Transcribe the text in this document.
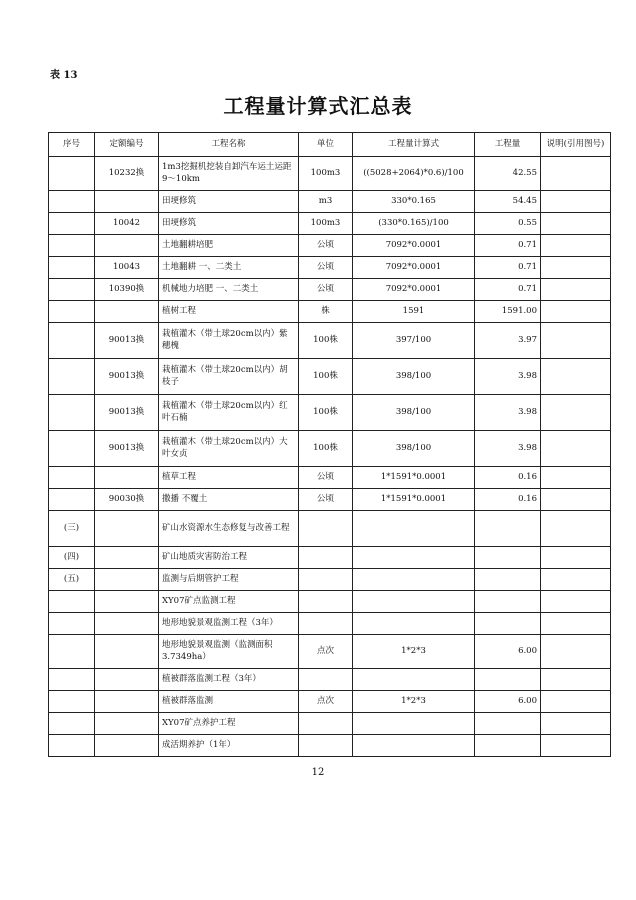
表 13
工程量计算式汇总表
序号	定额编号	工程名称	单位	工程量计算式	工程量	说明(引用图号)
	10232换	1m3挖掘机挖装自卸汽车运土运距9～10km	100m3	((5028+2064)*0.6)/100	42.55	
		田埂修筑	m3	330*0.165	54.45	
	10042	田埂修筑	100m3	(330*0.165)/100	0.55	
		土地翻耕培肥	公顷	7092*0.0001	0.71	
	10043	土地翻耕 一、二类土	公顷	7092*0.0001	0.71	
	10390换	机械地力培肥 一、二类土	公顷	7092*0.0001	0.71	
		植树工程	株	1591	1591.00	
	90013换	栽植灌木（带土球20cm以内）紫穗槐	100株	397/100	3.97	
	90013换	栽植灌木（带土球20cm以内）胡枝子	100株	398/100	3.98	
	90013换	栽植灌木（带土球20cm以内）红叶石楠	100株	398/100	3.98	
	90013换	栽植灌木（带土球20cm以内）大叶女贞	100株	398/100	3.98	
		植草工程	公顷	1*1591*0.0001	0.16	
	90030换	撒播 不覆土	公顷	1*1591*0.0001	0.16	
(三)		矿山水资源水生态修复与改善工程				
(四)		矿山地质灾害防治工程				
(五)		监测与后期管护工程				
		XY07矿点监测工程				
		地形地貌景观监测工程（3年）				
		地形地貌景观监测（监测面积3.7349ha）	点次	1*2*3	6.00	
		植被群落监测工程（3年）				
		植被群落监测	点次	1*2*3	6.00	
		XY07矿点养护工程				
		成活期养护（1年）				
12
